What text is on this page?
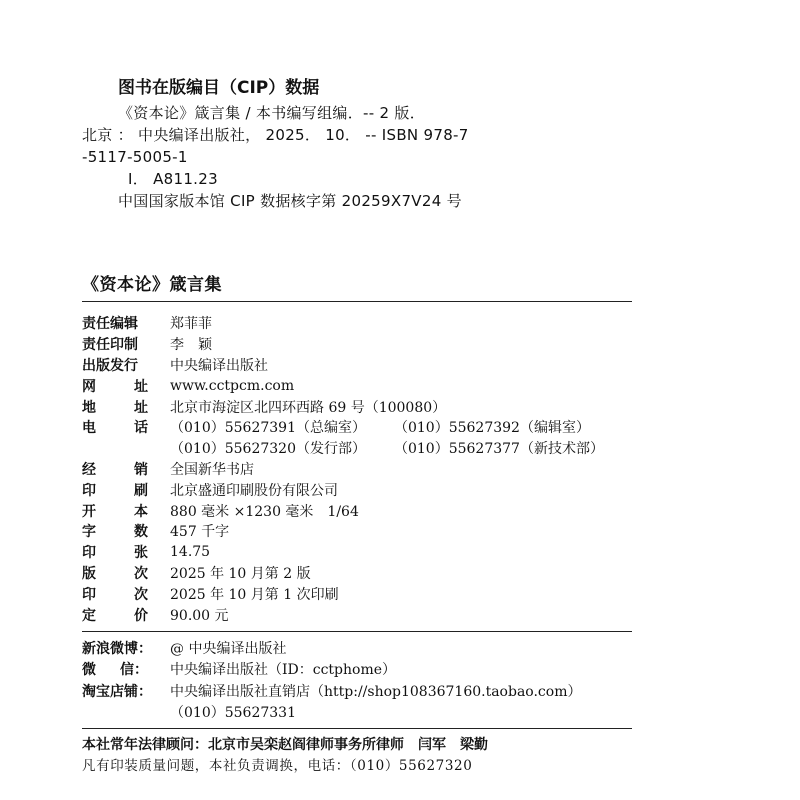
图书在版编目（CIP）数据
《资本论》箴言集 / 本书编写组编．-- 2 版．
北京 ： 中央编译出版社， 2025． 10． -- ISBN 978-7
-5117-5005-1
Ⅰ． A811.23
中国国家版本馆 CIP 数据核字第 20259X7V24 号
《资本论》箴言集
责任编辑	郑菲菲
责任印制	李　颖
出版发行	中央编译出版社
网	址 www.cctpcm.com
地	址 北京市海淀区北四环西路 69 号（100080）
电	话 （010）55627391（总编室） （010）55627392（编辑室）
（010）55627320（发行部） （010）55627377（新技术部）
经	销 全国新华书店
印	刷 北京盛通印刷股份有限公司
开	本 880 毫米 ×1230 毫米　1/64
字	数 457 千字
印	张 14.75
版	次 2025 年 10 月第 2 版
印	次 2025 年 10 月第 1 次印刷
定	价 90.00 元
新浪微博：	@ 中央编译出版社
微 信： 中央编译出版社（ID：cctphome）
淘宝店铺：	中央编译出版社直销店（http://shop108367160.taobao.com）
（010）55627331
本社常年法律顾问：北京市吴栾赵阎律师事务所律师　闫军　梁勤
凡有印装质量问题，本社负责调换，电话：（010）55627320
